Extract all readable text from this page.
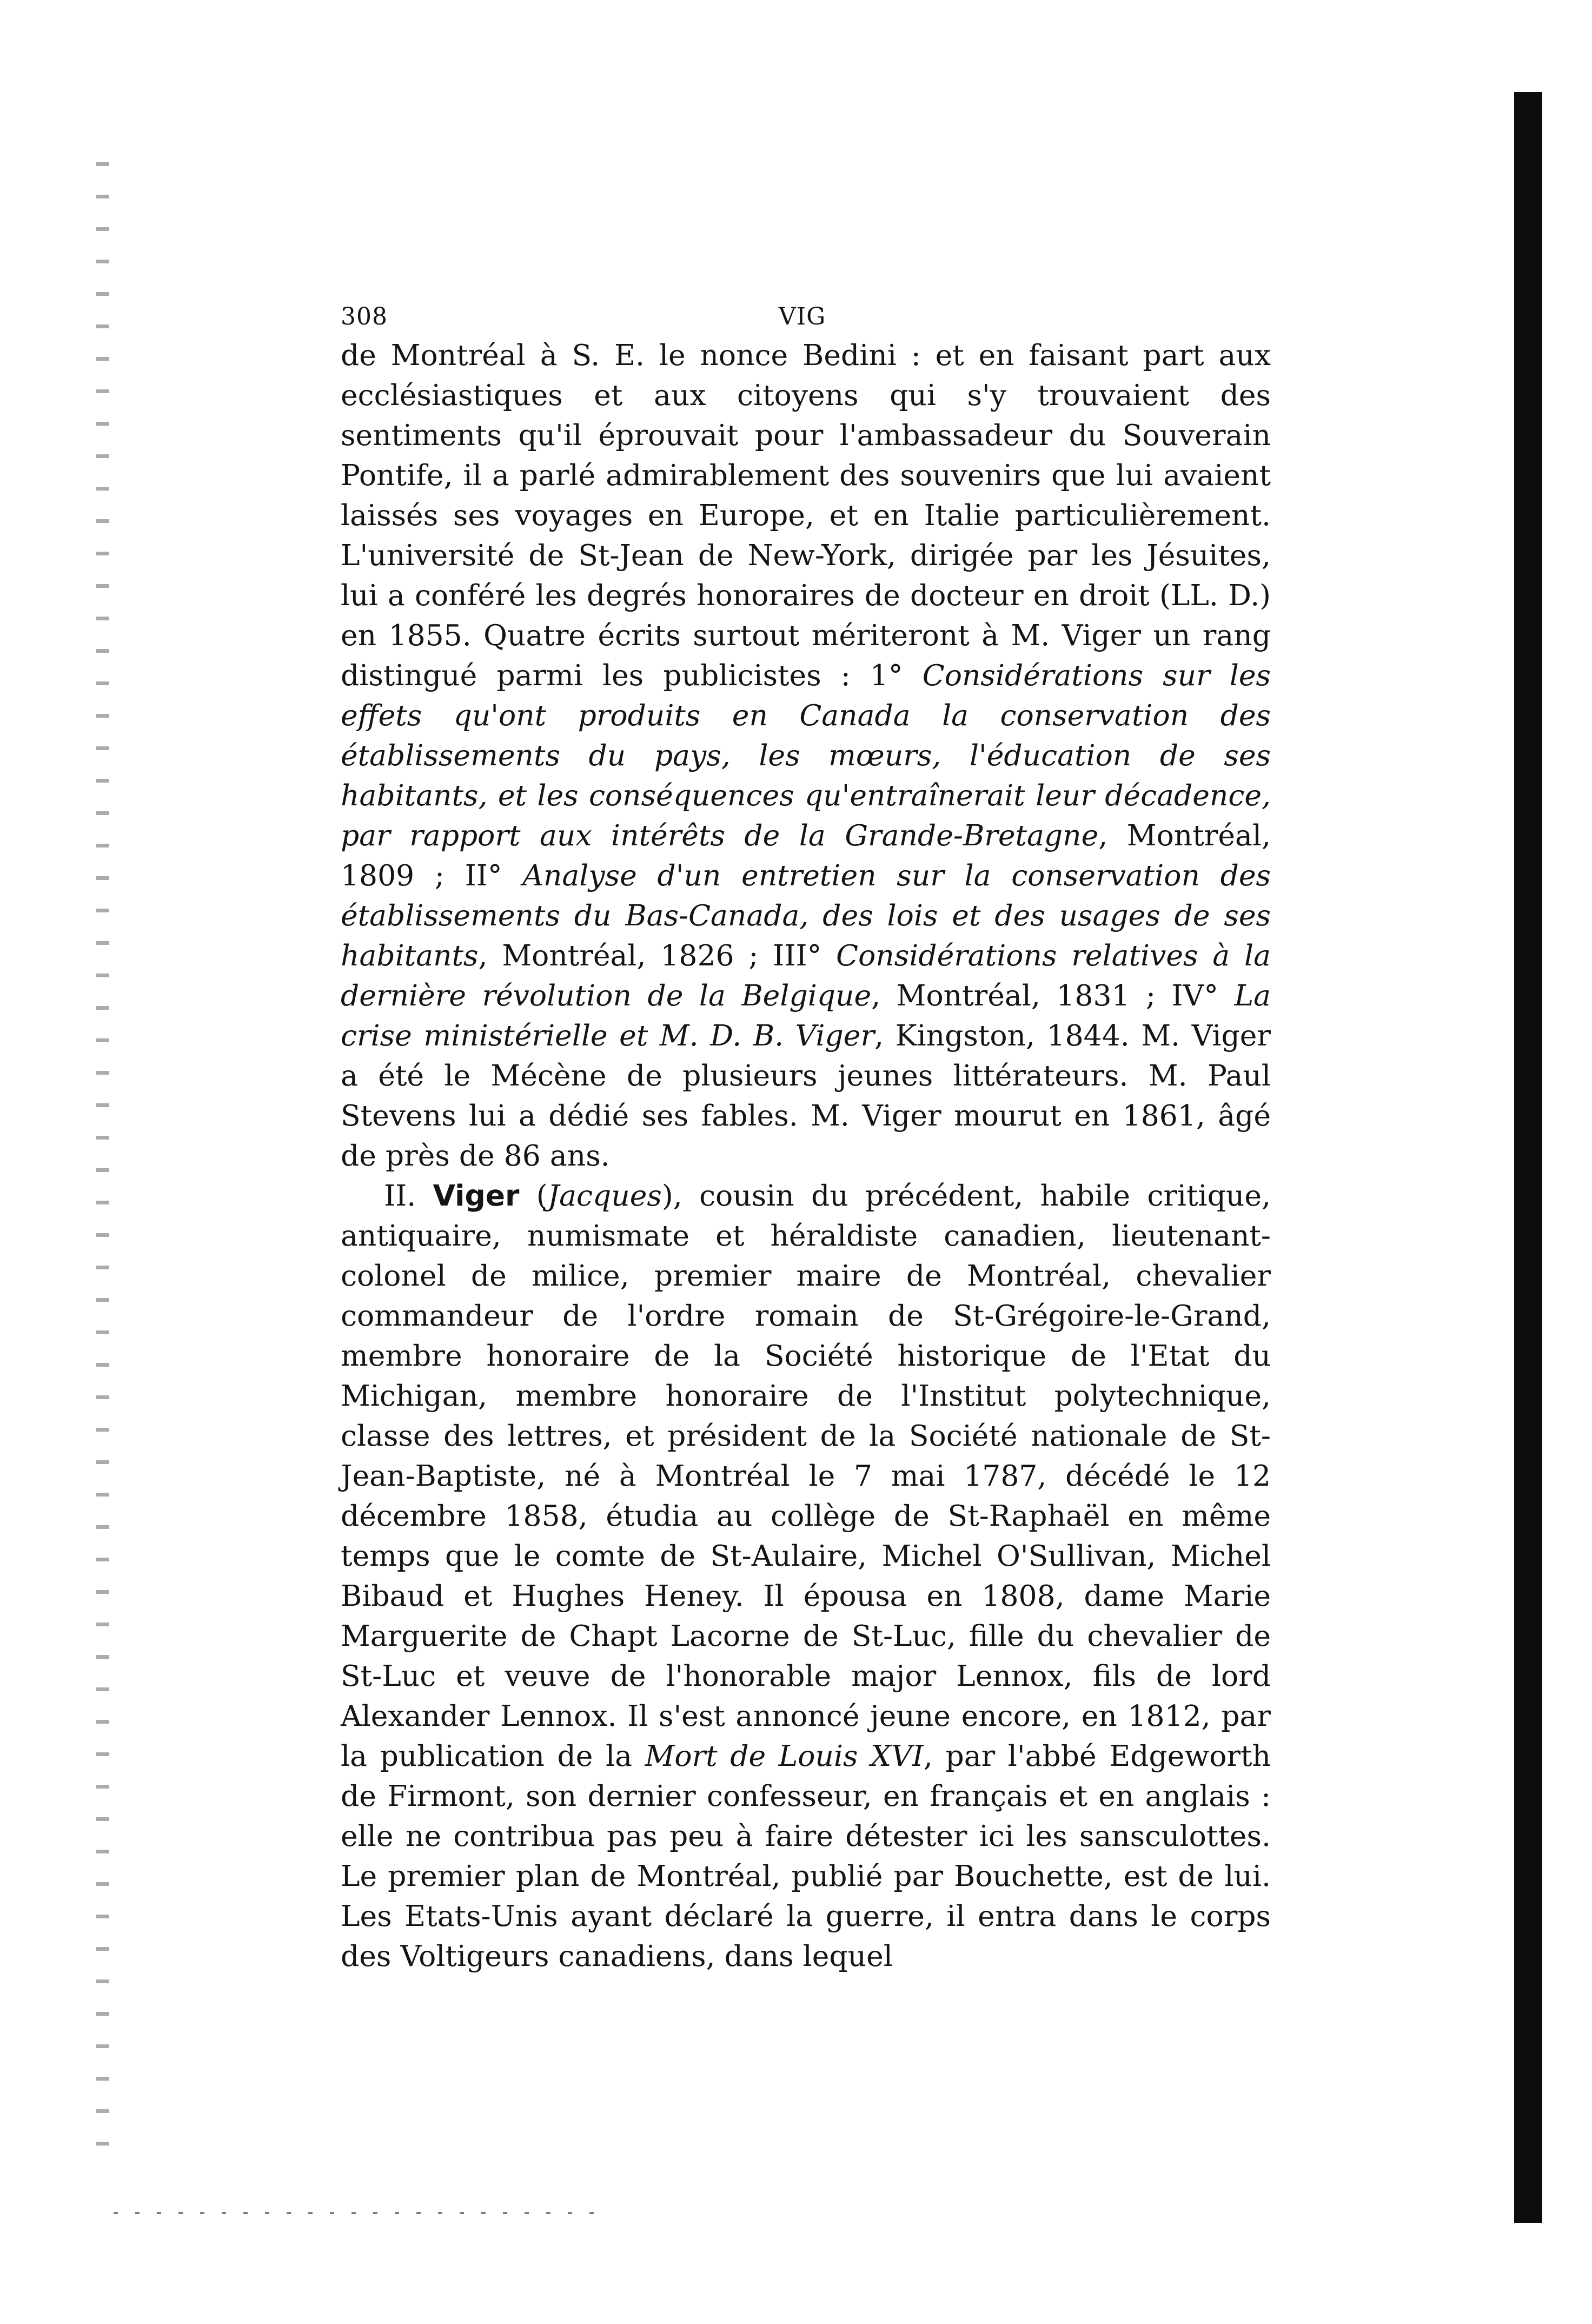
308	VIG

de Montréal à S. E. le nonce Bedini : et en faisant part aux ecclésiastiques et aux citoyens qui s'y trouvaient des sentiments qu'il éprouvait pour l'ambassadeur du Souverain Pontife, il a parlé admirablement des souvenirs que lui avaient laissés ses voyages en Europe, et en Italie particulièrement. L'université de St-Jean de New-York, dirigée par les Jésuites, lui a conféré les degrés honoraires de docteur en droit (LL. D.) en 1855. Quatre écrits surtout mériteront à M. Viger un rang distingué parmi les publicistes : 1° Considérations sur les effets qu'ont produits en Canada la conservation des établissements du pays, les mœurs, l'éducation de ses habitants, et les conséquences qu'entraînerait leur décadence, par rapport aux intérêts de la Grande-Bretagne, Montréal, 1809 ; II° Analyse d'un entretien sur la conservation des établissements du Bas-Canada, des lois et des usages de ses habitants, Montréal, 1826 ; III° Considérations relatives à la dernière révolution de la Belgique, Montréal, 1831 ; IV° La crise ministérielle et M. D. B. Viger, Kingston, 1844. M. Viger a été le Mécène de plusieurs jeunes littérateurs. M. Paul Stevens lui a dédié ses fables. M. Viger mourut en 1861, âgé de près de 86 ans.

II. Viger (Jacques), cousin du précédent, habile critique, antiquaire, numismate et héraldiste canadien, lieutenant-colonel de milice, premier maire de Montréal, chevalier commandeur de l'ordre romain de St-Grégoire-le-Grand, membre honoraire de la Société historique de l'Etat du Michigan, membre honoraire de l'Institut polytechnique, classe des lettres, et président de la Société nationale de St-Jean-Baptiste, né à Montréal le 7 mai 1787, décédé le 12 décembre 1858, étudia au collège de St-Raphaël en même temps que le comte de St-Aulaire, Michel O'Sullivan, Michel Bibaud et Hughes Heney. Il épousa en 1808, dame Marie Marguerite de Chapt Lacorne de St-Luc, fille du chevalier de St-Luc et veuve de l'honorable major Lennox, fils de lord Alexander Lennox. Il s'est annoncé jeune encore, en 1812, par la publication de la Mort de Louis XVI, par l'abbé Edgeworth de Firmont, son dernier confesseur, en français et en anglais : elle ne contribua pas peu à faire détester ici les sansculottes. Le premier plan de Montréal, publié par Bouchette, est de lui. Les Etats-Unis ayant déclaré la guerre, il entra dans le corps des Voltigeurs canadiens, dans lequel
